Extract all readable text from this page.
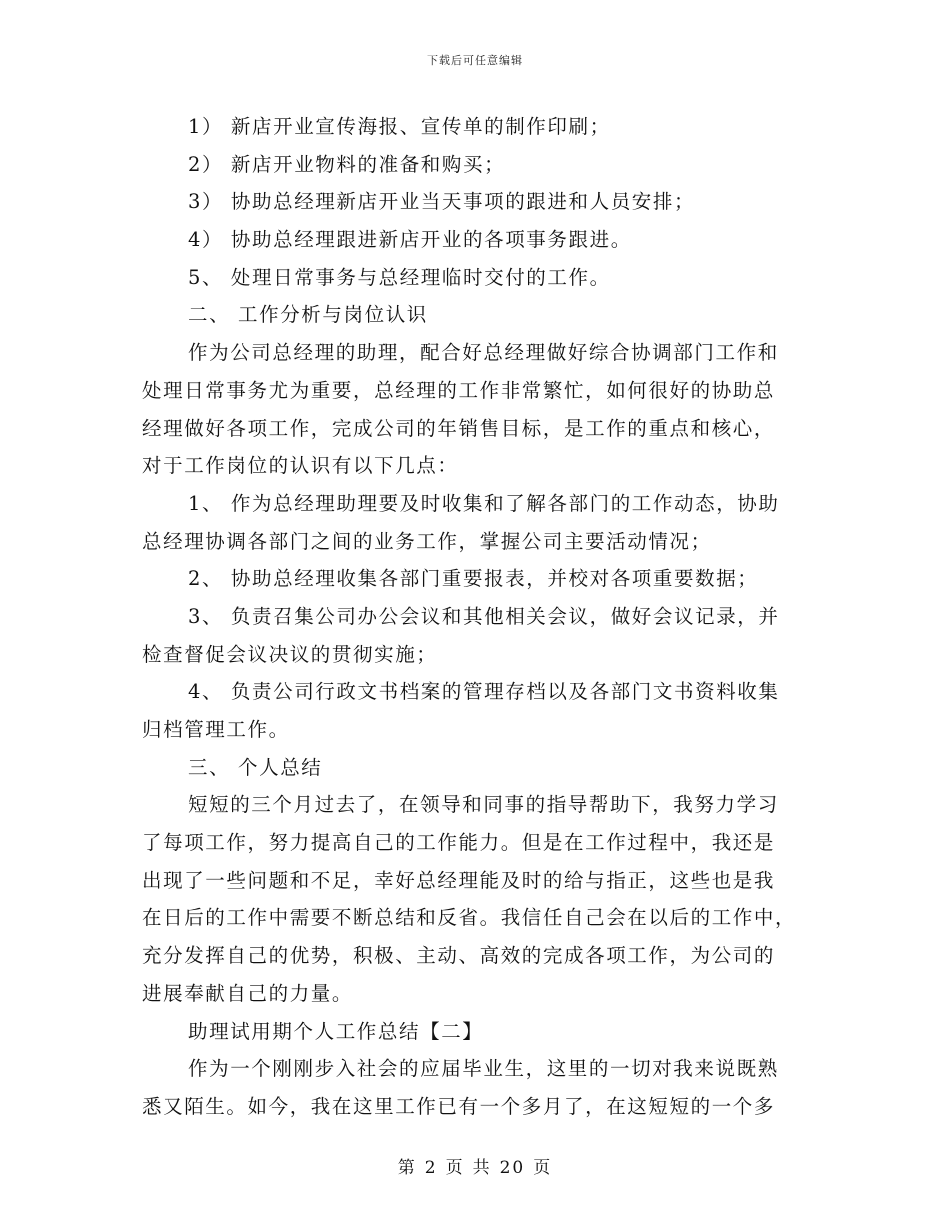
下载后可任意编辑
1） 新店开业宣传海报、宣传单的制作印刷；
2） 新店开业物料的准备和购买；
3） 协助总经理新店开业当天事项的跟进和人员安排；
4） 协助总经理跟进新店开业的各项事务跟进。
5、 处理日常事务与总经理临时交付的工作。
二、 工作分析与岗位认识
作为公司总经理的助理，配合好总经理做好综合协调部门工作和
处理日常事务尤为重要，总经理的工作非常繁忙，如何很好的协助总
经理做好各项工作，完成公司的年销售目标，是工作的重点和核心，
对于工作岗位的认识有以下几点：
1、 作为总经理助理要及时收集和了解各部门的工作动态，协助
总经理协调各部门之间的业务工作，掌握公司主要活动情况；
2、 协助总经理收集各部门重要报表，并校对各项重要数据；
3、 负责召集公司办公会议和其他相关会议，做好会议记录，并
检查督促会议决议的贯彻实施；
4、 负责公司行政文书档案的管理存档以及各部门文书资料收集
归档管理工作。
三、 个人总结
短短的三个月过去了，在领导和同事的指导帮助下，我努力学习
了每项工作，努力提高自己的工作能力。但是在工作过程中，我还是
出现了一些问题和不足，幸好总经理能及时的给与指正，这些也是我
在日后的工作中需要不断总结和反省。我信任自己会在以后的工作中，
充分发挥自己的优势，积极、主动、高效的完成各项工作，为公司的
进展奉献自己的力量。
助理试用期个人工作总结【二】
作为一个刚刚步入社会的应届毕业生，这里的一切对我来说既熟
悉又陌生。如今，我在这里工作已有一个多月了，在这短短的一个多
第 2 页 共 20 页
